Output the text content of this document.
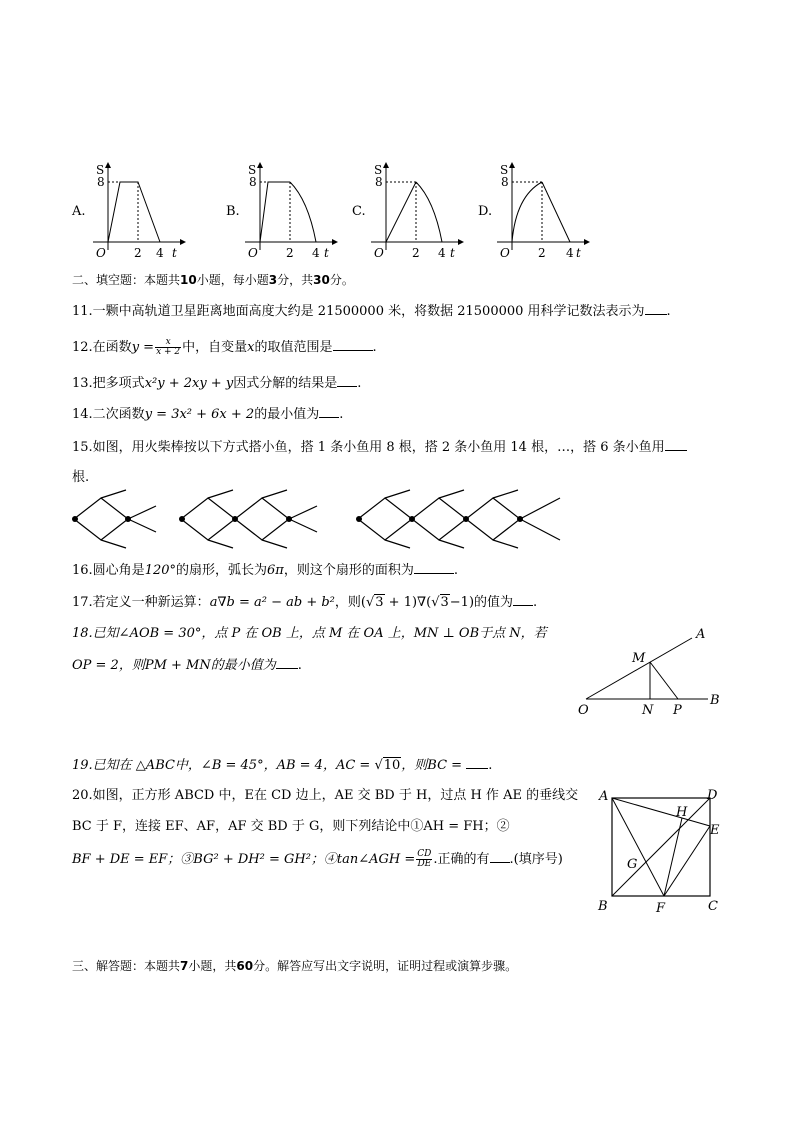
A.
S
8
O 2 4 t
B.
S
8
O 2 4 t
C.
S
8
O 2 4 t
D.
S
8
O 2 4 t
二、填空题：本题共10小题，每小题3分，共30分。
11.一颗中高轨道卫星距离地面高度大约是 21500000 米，将数据 21500000 用科学记数法表示为 .
12.在函数$y = \frac{x}{x + 2}$ 中，自变量x的取值范围是	.
13.把多项式x²y + 2xy + y因式分解的结果是 .
14.二次函数y = 3x² + 6x + 2的最小值为 .
15.如图，用火柴棒按以下方式搭小鱼，搭 1 条小鱼用 8 根，搭 2 条小鱼用 14 根，…，搭 6 条小鱼用
根.
16.圆心角是120°的扇形，弧长为6π，则这个扇形的面积为	.
17.若定义一种新运算：a∇b = a² − ab + b²，则(√3 + 1)∇(√3−1)的值为 .
18.已知∠AOB = 30°，点 P 在 OB 上，点 M 在 OA 上，MN ⊥ OB于点 N，若
OP = 2，则PM + MN的最小值为 .
A
M
O	N P
B
19.已知在 △ABC中，∠B = 45°，AB = 4，AC = √10，则BC = .
20.如图，正方形 ABCD 中，E在 CD 边上，AE 交 BD 于 H，过点 H 作 AE 的垂线交
BC 于 F，连接 EF、AF，AF 交 BD 于 G，则下列结论中①AH = FH；②
BF + DE = EF；③BG² + DH² = GH²；④tan∠AGH = $\frac{CD}{DE}$ .正确的有 .(填序号)
A	D
H
E
G
B	F	C
三、解答题：本题共7小题，共60分。解答应写出文字说明，证明过程或演算步骤。
